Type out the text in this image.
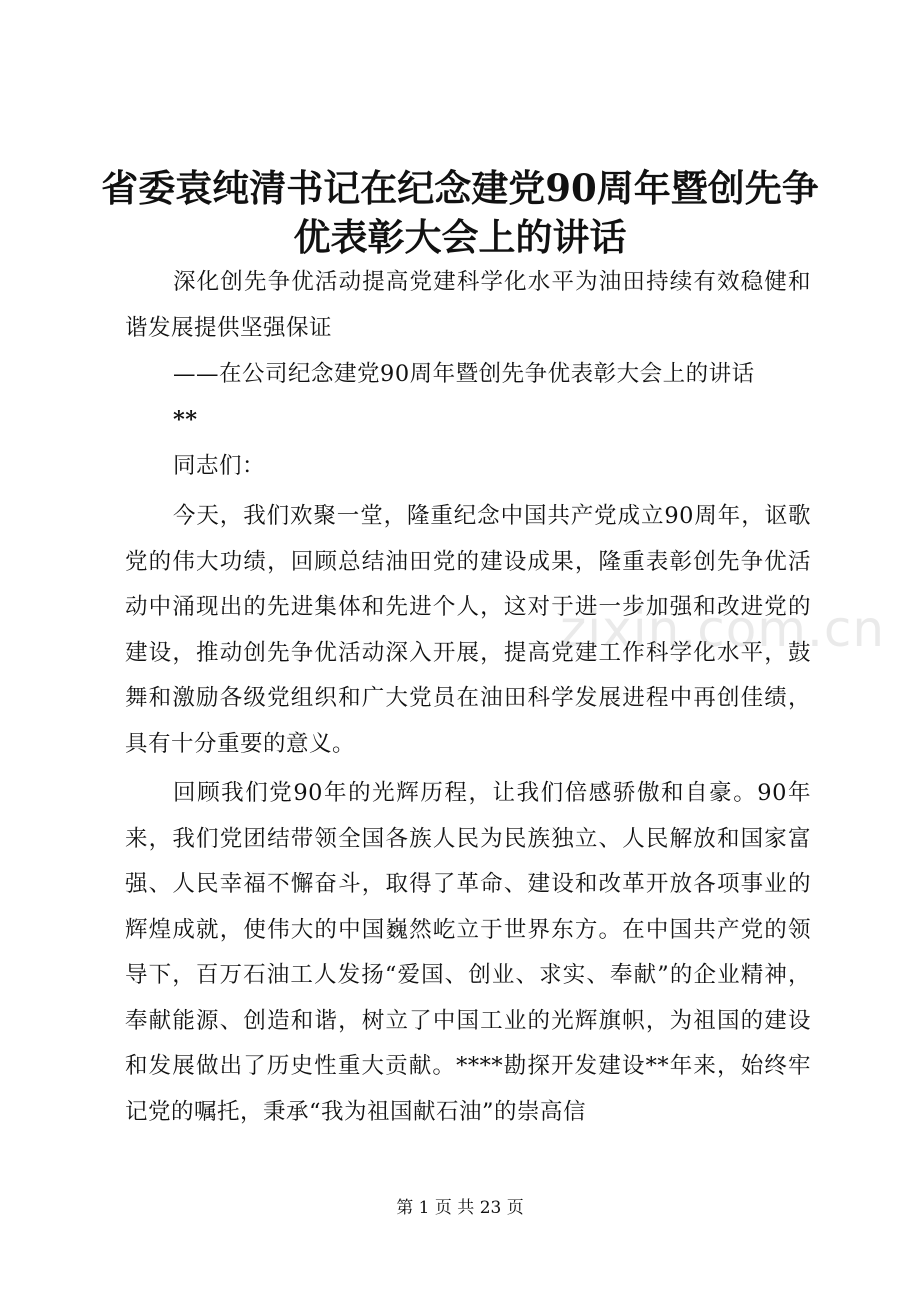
省委袁纯清书记在纪念建党90周年暨创先争
优表彰大会上的讲话

深化创先争优活动提高党建科学化水平为油田持续有效稳健和谐发展提供坚强保证

——在公司纪念建党90周年暨创先争优表彰大会上的讲话

**

同志们：

今天，我们欢聚一堂，隆重纪念中国共产党成立90周年，讴歌党的伟大功绩，回顾总结油田党的建设成果，隆重表彰创先争优活动中涌现出的先进集体和先进个人，这对于进一步加强和改进党的建设，推动创先争优活动深入开展，提高党建工作科学化水平，鼓舞和激励各级党组织和广大党员在油田科学发展进程中再创佳绩，具有十分重要的意义。

回顾我们党90年的光辉历程，让我们倍感骄傲和自豪。90年来，我们党团结带领全国各族人民为民族独立、人民解放和国家富强、人民幸福不懈奋斗，取得了革命、建设和改革开放各项事业的辉煌成就，使伟大的中国巍然屹立于世界东方。在中国共产党的领导下，百万石油工人发扬“爱国、创业、求实、奉献”的企业精神，奉献能源、创造和谐，树立了中国工业的光辉旗帜，为祖国的建设和发展做出了历史性重大贡献。****勘探开发建设**年来，始终牢记党的嘱托，秉承“我为祖国献石油”的崇高信

zixin.com.cn
第 1 页 共 23 页
